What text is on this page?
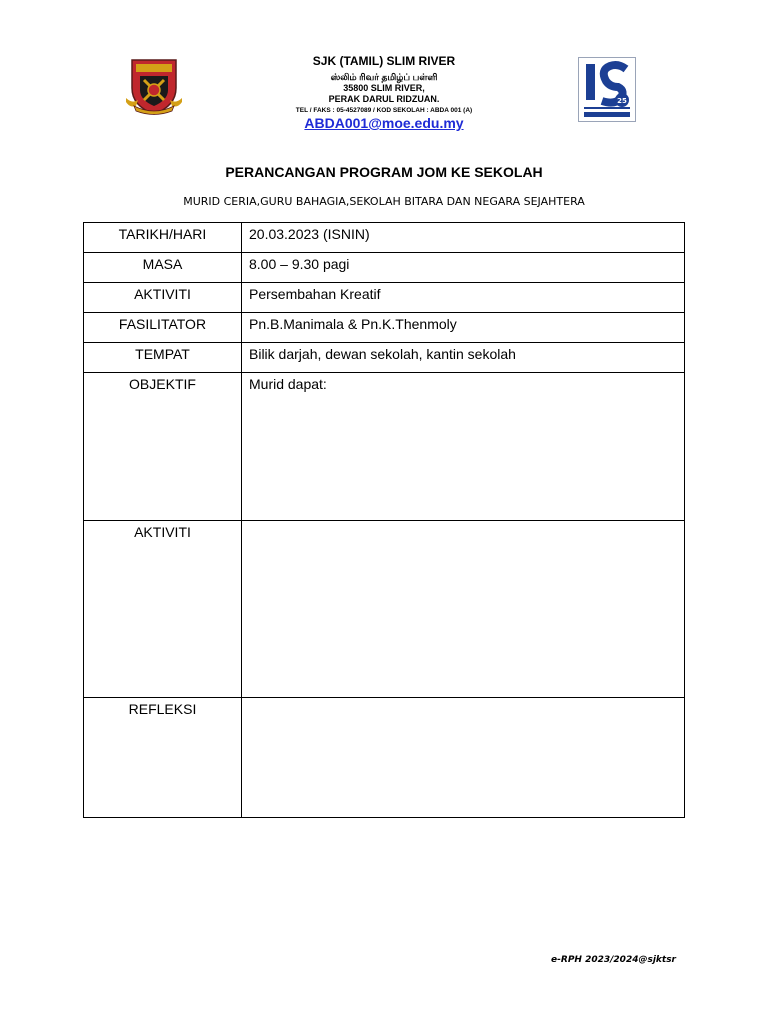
SJK (TAMIL) SLIM RIVER
ஸ்லிம் ரிவர் தமிழ்ப் பள்ளி
35800 SLIM RIVER,
PERAK DARUL RIDZUAN.
TEL / FAKS : 05-4527089 / KOD SEKOLAH : ABDA 001 (A)
ABDA001@moe.edu.my
25
PERANCANGAN PROGRAM JOM KE SEKOLAH
MURID CERIA,GURU BAHAGIA,SEKOLAH BITARA DAN NEGARA SEJAHTERA
TARIKH/HARI	20.03.2023 (ISNIN)
MASA	8.00 – 9.30 pagi
AKTIVITI	Persembahan Kreatif
FASILITATOR	Pn.B.Manimala & Pn.K.Thenmoly
TEMPAT	Bilik darjah, dewan sekolah, kantin sekolah
OBJEKTIF	Murid dapat:
AKTIVITI	
REFLEKSI	
e-RPH 2023/2024@sjktsr
